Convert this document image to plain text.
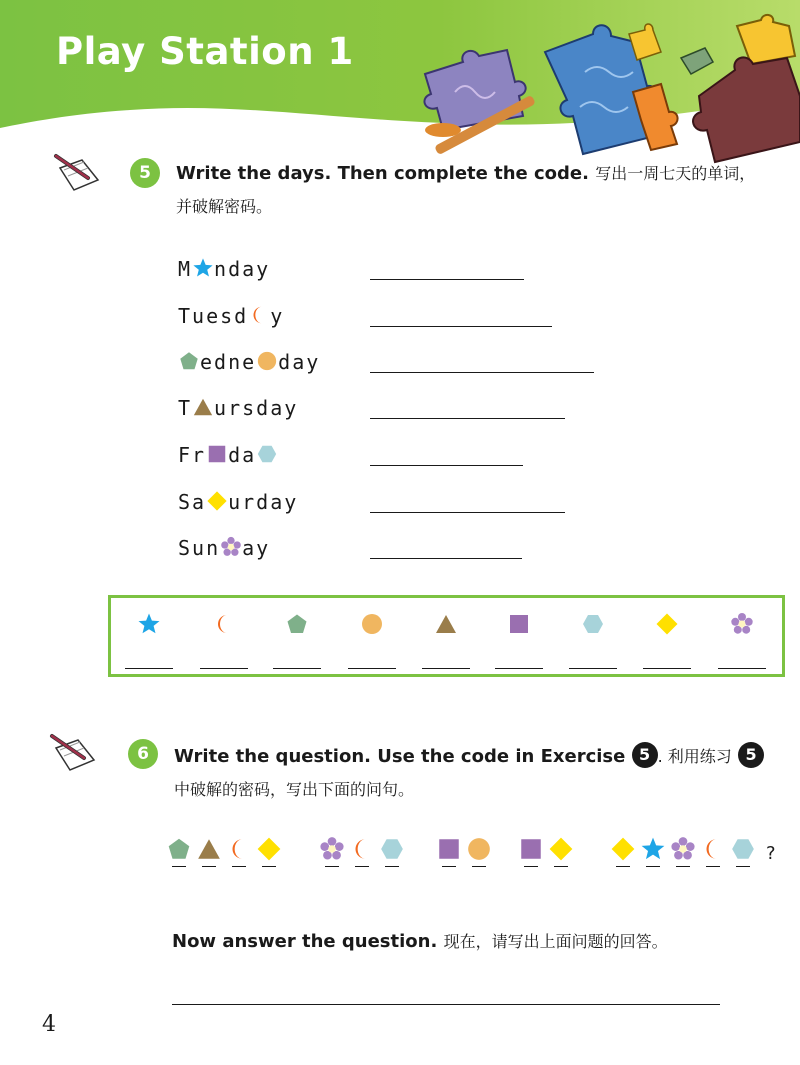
Play Station 1
5	Write the days. Then complete the code. 写出一周七天的单词，
并破解密码。
M nday
Tuesd y
edne day
T ursday
Fr da
Sa urday
Sun ay
6	Write the question. Use the code in Exercise 5 . 利用练习 5
中破解的密码，写出下面的问句。
?
Now answer the question. 现在，请写出上面问题的回答。
4
